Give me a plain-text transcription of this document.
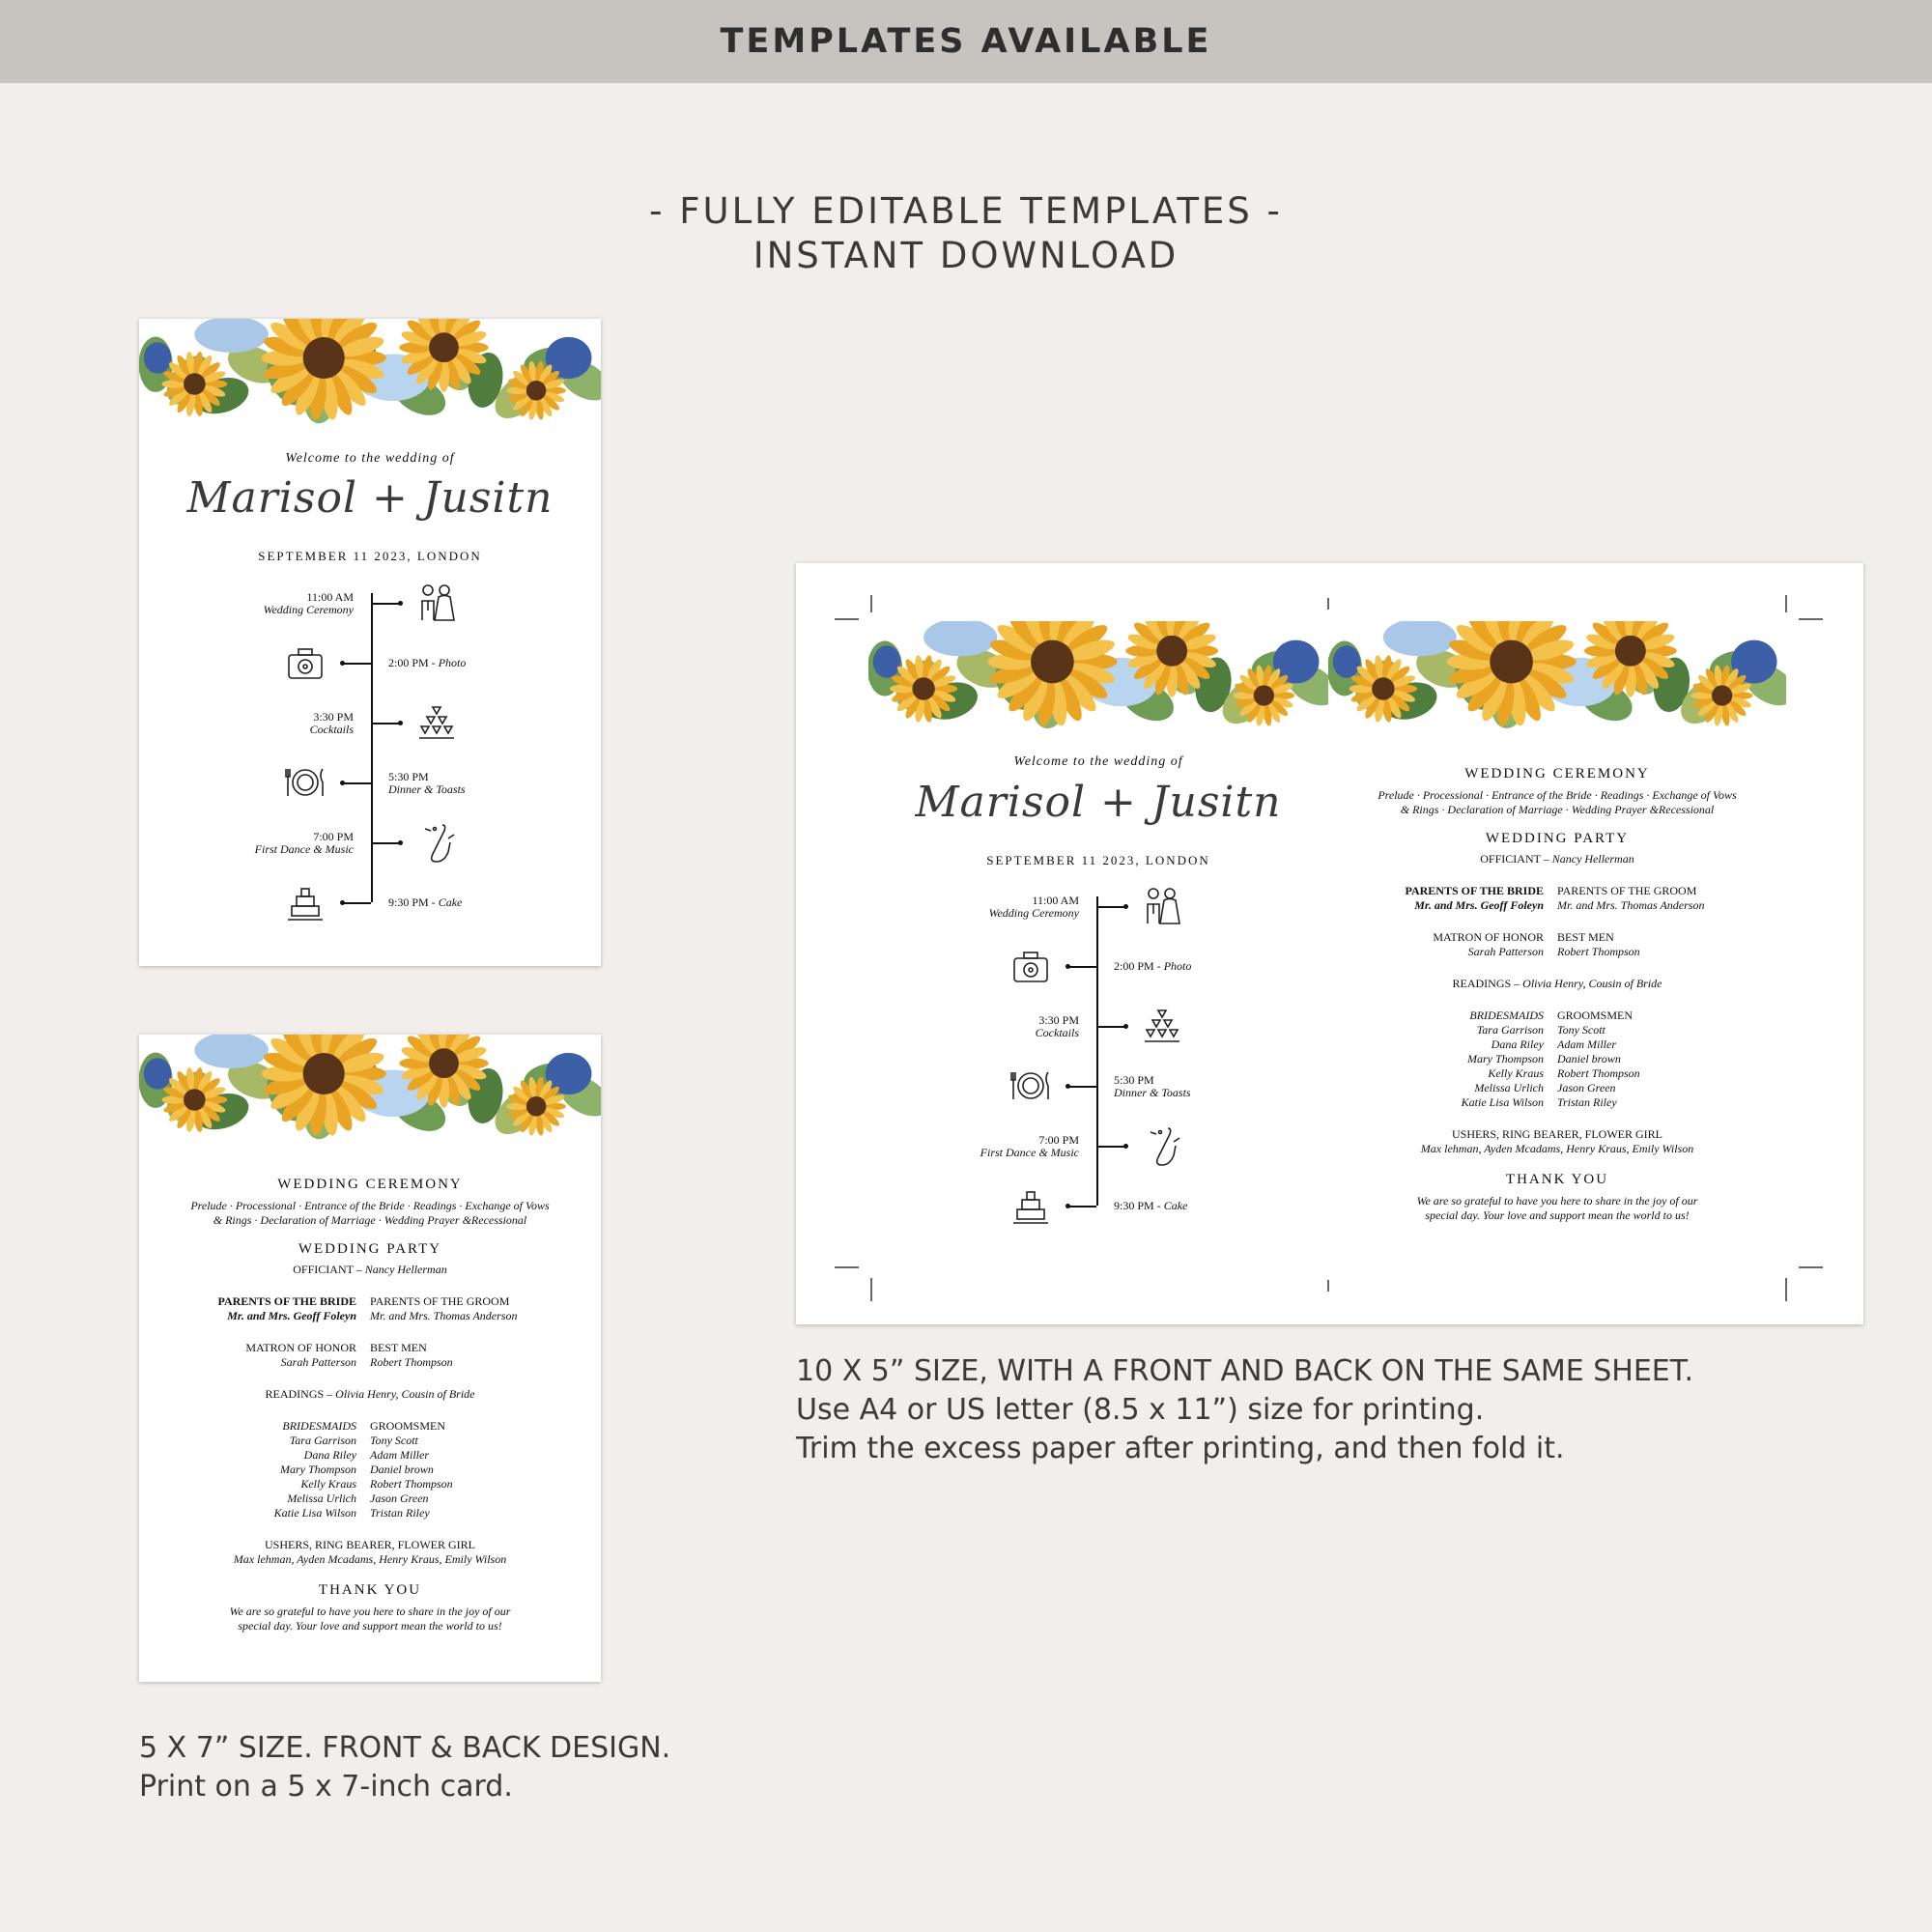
TEMPLATES AVAILABLE
- FULLY EDITABLE TEMPLATES -
INSTANT DOWNLOAD
Welcome to the wedding of
Marisol + Jusitn
SEPTEMBER 11 2023, LONDON
11:00 AM
Wedding Ceremony
2:00 PM - Photo
3:30 PM
Cocktails
5:30 PM
Dinner & Toasts
7:00 PM
First Dance & Music
9:30 PM - Cake
WEDDING CEREMONY
Prelude · Processional · Entrance of the Bride · Readings · Exchange of Vows
& Rings · Declaration of Marriage · Wedding Prayer &Recessional
WEDDING PARTY
OFFICIANT – Nancy Hellerman
PARENTS OF THE BRIDE
Mr. and Mrs. Geoff Foleyn
PARENTS OF THE GROOM
Mr. and Mrs. Thomas Anderson
MATRON OF HONOR
Sarah Patterson
BEST MEN
Robert Thompson
READINGS – Olivia Henry, Cousin of Bride
BRIDESMAIDS
Tara Garrison
Dana Riley
Mary Thompson
Kelly Kraus
Melissa Urlich
Katie Lisa Wilson
GROOMSMEN
Tony Scott
Adam Miller
Daniel brown
Robert Thompson
Jason Green
Tristan Riley
USHERS, RING BEARER, FLOWER GIRL
Max lehman, Ayden Mcadams, Henry Kraus, Emily Wilson
THANK YOU
We are so grateful to have you here to share in the joy of our
special day. Your love and support mean the world to us!
Welcome to the wedding of
Marisol + Jusitn
SEPTEMBER 11 2023, LONDON
11:00 AM
Wedding Ceremony
2:00 PM - Photo
3:30 PM
Cocktails
5:30 PM
Dinner & Toasts
7:00 PM
First Dance & Music
9:30 PM - Cake
WEDDING CEREMONY
Prelude · Processional · Entrance of the Bride · Readings · Exchange of Vows
& Rings · Declaration of Marriage · Wedding Prayer &Recessional
WEDDING PARTY
OFFICIANT – Nancy Hellerman
PARENTS OF THE BRIDE
Mr. and Mrs. Geoff Foleyn
PARENTS OF THE GROOM
Mr. and Mrs. Thomas Anderson
MATRON OF HONOR
Sarah Patterson
BEST MEN
Robert Thompson
READINGS – Olivia Henry, Cousin of Bride
BRIDESMAIDS
Tara Garrison
Dana Riley
Mary Thompson
Kelly Kraus
Melissa Urlich
Katie Lisa Wilson
GROOMSMEN
Tony Scott
Adam Miller
Daniel brown
Robert Thompson
Jason Green
Tristan Riley
USHERS, RING BEARER, FLOWER GIRL
Max lehman, Ayden Mcadams, Henry Kraus, Emily Wilson
THANK YOU
We are so grateful to have you here to share in the joy of our
special day. Your love and support mean the world to us!
10 X 5” SIZE, WITH A FRONT AND BACK ON THE SAME SHEET.
Use A4 or US letter (8.5 x 11”) size for printing.
Trim the excess paper after printing, and then fold it.
5 X 7” SIZE. FRONT & BACK DESIGN.
Print on a 5 x 7-inch card.
